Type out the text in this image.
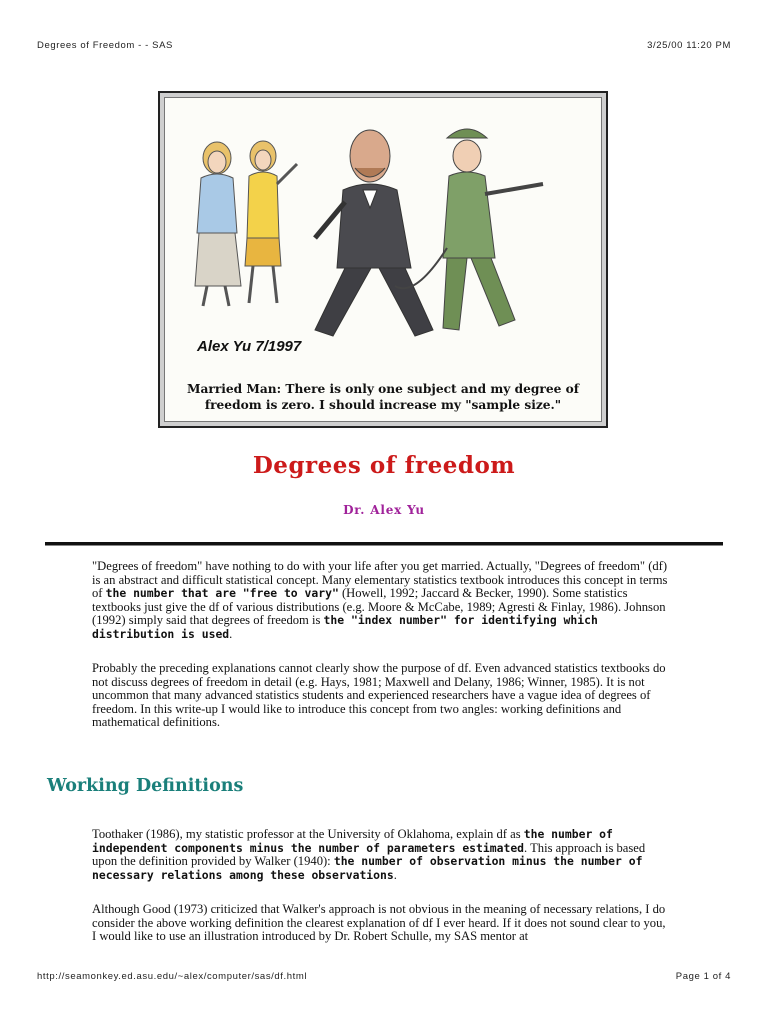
Degrees of Freedom - - SAS	3/25/00 11:20 PM
Alex Yu 7/1997
Married Man: There is only one subject and my degree of freedom is zero. I should increase my "sample size."
Degrees of freedom
Dr. Alex Yu

"Degrees of freedom" have nothing to do with your life after you get married. Actually, "Degrees of freedom" (df) is an abstract and difficult statistical concept. Many elementary statistics textbook introduces this concept in terms of the number that are "free to vary" (Howell, 1992; Jaccard & Becker, 1990). Some statistics textbooks just give the df of various distributions (e.g. Moore & McCabe, 1989; Agresti & Finlay, 1986). Johnson (1992) simply said that degrees of freedom is the "index number" for identifying which distribution is used.

Probably the preceding explanations cannot clearly show the purpose of df. Even advanced statistics textbooks do not discuss degrees of freedom in detail (e.g. Hays, 1981; Maxwell and Delany, 1986; Winner, 1985). It is not uncommon that many advanced statistics students and experienced researchers have a vague idea of degrees of freedom. In this write-up I would like to introduce this concept from two angles: working definitions and mathematical definitions.

Working Definitions

Toothaker (1986), my statistic professor at the University of Oklahoma, explain df as the number of independent components minus the number of parameters estimated. This approach is based upon the definition provided by Walker (1940): the number of observation minus the number of necessary relations among these observations.

Although Good (1973) criticized that Walker's approach is not obvious in the meaning of necessary relations, I do consider the above working definition the clearest explanation of df I ever heard. If it does not sound clear to you, I would like to use an illustration introduced by Dr. Robert Schulle, my SAS mentor at

http://seamonkey.ed.asu.edu/~alex/computer/sas/df.html	Page 1 of 4
